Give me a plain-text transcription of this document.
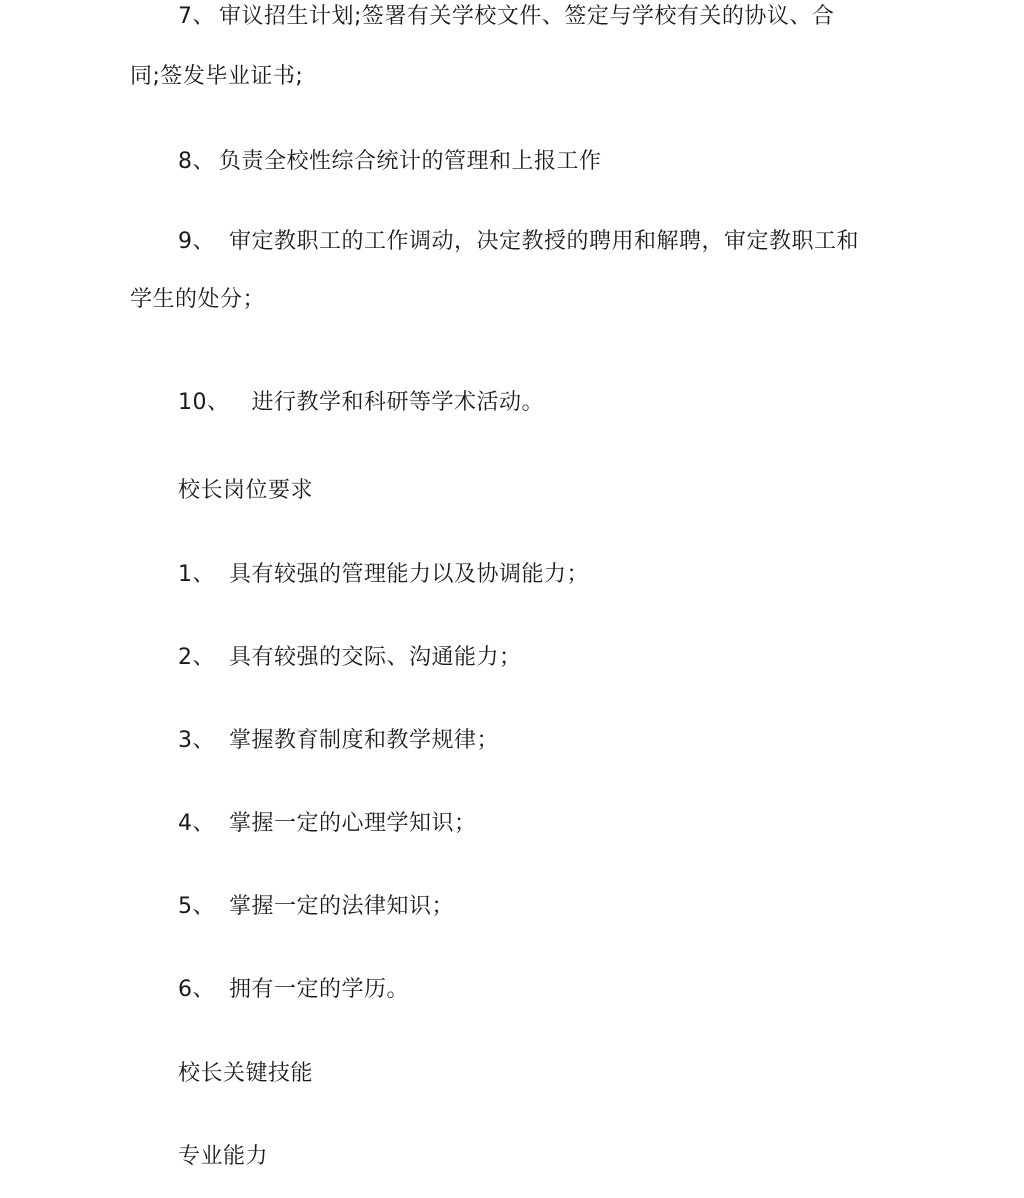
7、 审议招生计划;签署有关学校文件、签定与学校有关的协议、合
同;签发毕业证书;
8、 负责全校性综合统计的管理和上报工作
9、 审定教职工的工作调动，决定教授的聘用和解聘，审定教职工和
学生的处分；
10、 进行教学和科研等学术活动。
校长岗位要求
1、 具有较强的管理能力以及协调能力；
2、 具有较强的交际、沟通能力；
3、 掌握教育制度和教学规律；
4、 掌握一定的心理学知识；
5、 掌握一定的法律知识；
6、 拥有一定的学历。
校长关键技能
专业能力
